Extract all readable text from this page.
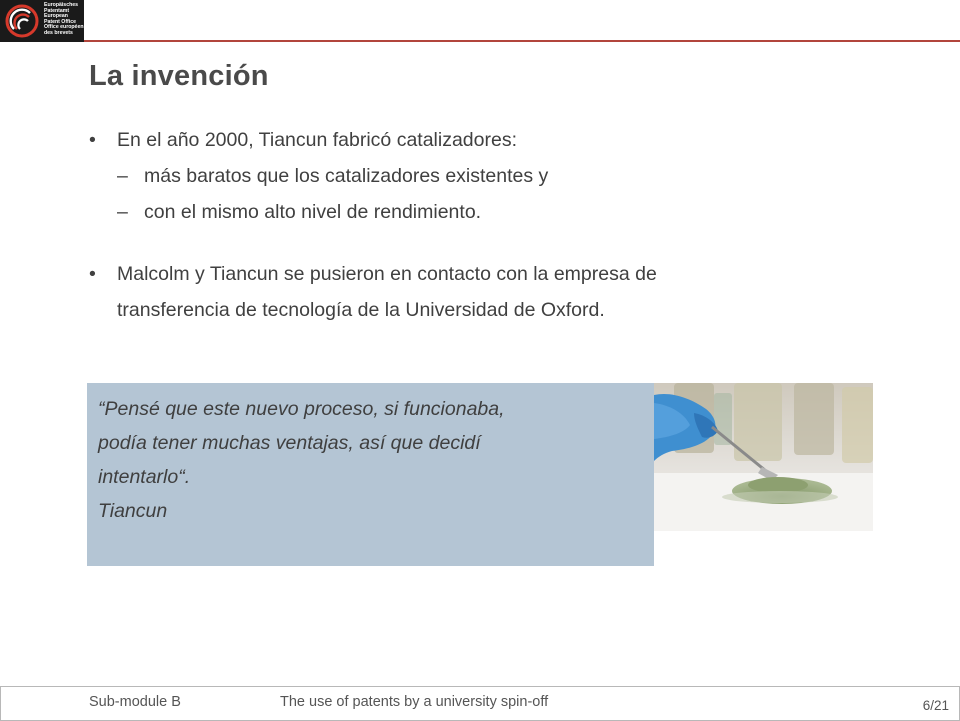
Europäisches
Patentamt
European
Patent Office
Office européen
des brevets
La invención
• En el año 2000, Tiancun fabricó catalizadores:
– más baratos que los catalizadores existentes y
– con el mismo alto nivel de rendimiento.
• Malcolm y Tiancun se pusieron en contacto con la empresa de
transferencia de tecnología de la Universidad de Oxford.
“Pensé que este nuevo proceso, si funcionaba,
podía tener muchas ventajas, así que decidí
intentarlo“.
Tiancun
Sub-module B	The use of patents by a university spin-off	6/21
